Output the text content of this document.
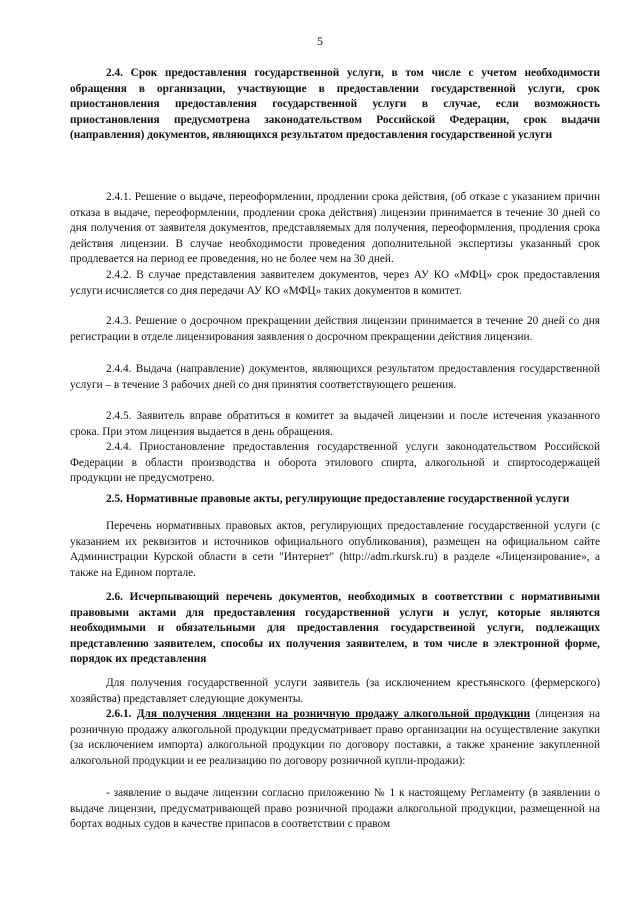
5
2.4. Срок предоставления государственной услуги, в том числе с учетом необходимости обращения в организации, участвующие в предоставлении государственной услуги, срок приостановления предоставления государственной услуги в случае, если возможность приостановления предусмотрена законодательством Российской Федерации, срок выдачи (направления) документов, являющихся результатом предоставления государственной услуги
2.4.1. Решение о выдаче, переоформлении, продлении срока действия, (об отказе с указанием причин отказа в выдаче, переоформлении, продлении срока действия) лицензии принимается в течение 30 дней со дня получения от заявителя документов, представляемых для получения, переоформления, продления срока действия лицензии. В случае необходимости проведения дополнительной экспертизы указанный срок продлевается на период ее проведения, но не более чем на 30 дней.
2.4.2. В случае представления заявителем документов, через АУ КО «МФЦ» срок предоставления услуги исчисляется со дня передачи АУ КО «МФЦ» таких документов в комитет.
2.4.3. Решение о досрочном прекращении действия лицензии принимается в течение 20 дней со дня регистрации в отделе лицензирования заявления о досрочном прекращении действия лицензии.
2.4.4. Выдача (направление) документов, являющихся результатом предоставления государственной услуги – в течение 3 рабочих дней со дня принятия соответствующего решения.
2.4.5. Заявитель вправе обратиться в комитет за выдачей лицензии и после истечения указанного срока. При этом лицензия выдается в день обращения.
2.4.4. Приостановление предоставления государственной услуги законодательством Российской Федерации в области производства и оборота этилового спирта, алкогольной и спиртосодержащей продукции не предусмотрено.
2.5. Нормативные правовые акты, регулирующие предоставление государственной услуги
Перечень нормативных правовых актов, регулирующих предоставление государственной услуги (с указанием их реквизитов и источников официального опубликования), размещен на официальном сайте Администрации Курской области в сети "Интернет" (http://adm.rkursk.ru) в разделе «Лицензирование», а также на Едином портале.
2.6. Исчерпывающий перечень документов, необходимых в соответствии с нормативными правовыми актами для предоставления государственной услуги и услуг, которые являются необходимыми и обязательными для предоставления государственной услуги, подлежащих представлению заявителем, способы их получения заявителем, в том числе в электронной форме, порядок их представления
Для получения государственной услуги заявитель (за исключением крестьянского (фермерского) хозяйства) представляет следующие документы.
2.6.1. Для получения лицензии на розничную продажу алкогольной продукции (лицензия на розничную продажу алкогольной продукции предусматривает право организации на осуществление закупки (за исключением импорта) алкогольной продукции по договору поставки, а также хранение закупленной алкогольной продукции и ее реализацию по договору розничной купли-продажи):
- заявление о выдаче лицензии согласно приложению № 1 к настоящему Регламенту (в заявлении о выдаче лицензии, предусматривающей право розничной продажи алкогольной продукции, размещенной на бортах водных судов в качестве припасов в соответствии с правом
